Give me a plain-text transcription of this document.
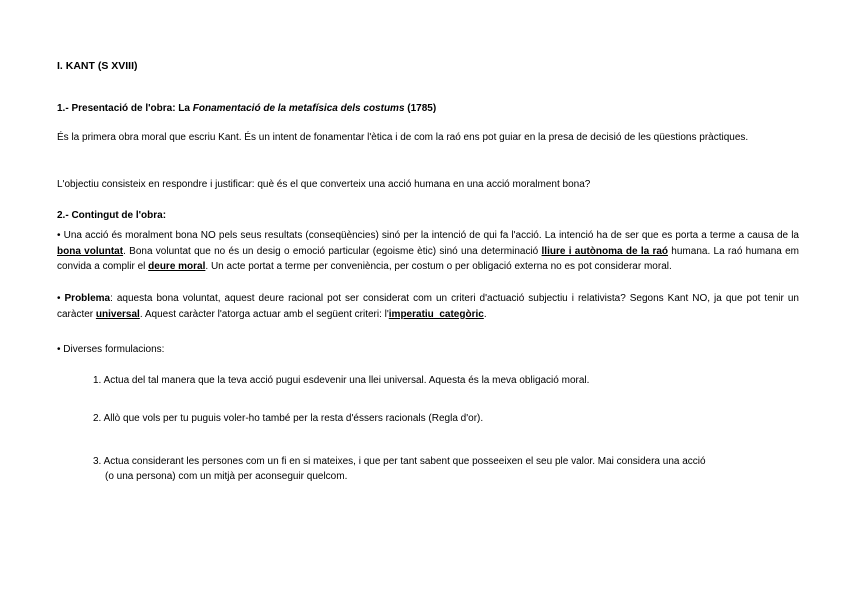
I. KANT (S XVIII)
1.- Presentació de l'obra: La Fonamentació de la metafísica dels costums (1785)
És la primera obra moral que escriu Kant. És un intent de fonamentar l'ètica i de com la raó ens pot guiar en la presa de decisió de les qüestions pràctiques.
L'objectiu consisteix en respondre i justificar: què és el que converteix una acció humana en una acció moralment bona?
2.- Contingut de l'obra:
• Una acció és moralment bona NO pels seus resultats (conseqüències) sinó per la intenció de qui fa l'acció. La intenció ha de ser que es porta a terme a causa de la bona voluntat. Bona voluntat que no és un desig o emoció particular (egoisme ètic) sinó una determinació lliure i autònoma de la raó humana. La raó humana em convida a complir el deure moral. Un acte portat a terme per conveniència, per costum o per obligació externa no es pot considerar moral.
• Problema: aquesta bona voluntat, aquest deure racional pot ser considerat com un criteri d'actuació subjectiu i relativista? Segons Kant NO, ja que pot tenir un caràcter universal. Aquest caràcter l'atorga actuar amb el següent criteri: l'imperatiu  categòric.
• Diverses formulacions:
1. Actua del tal manera que la teva acció pugui esdevenir una llei universal. Aquesta és la meva obligació moral.
2. Allò que vols per tu puguis voler-ho també per la resta d'éssers racionals (Regla d'or).
3. Actua considerant les persones com un fi en si mateixes, i que per tant sabent que posseeixen el seu ple valor. Mai considera una acció
(o una persona) com un mitjà per aconseguir quelcom.
